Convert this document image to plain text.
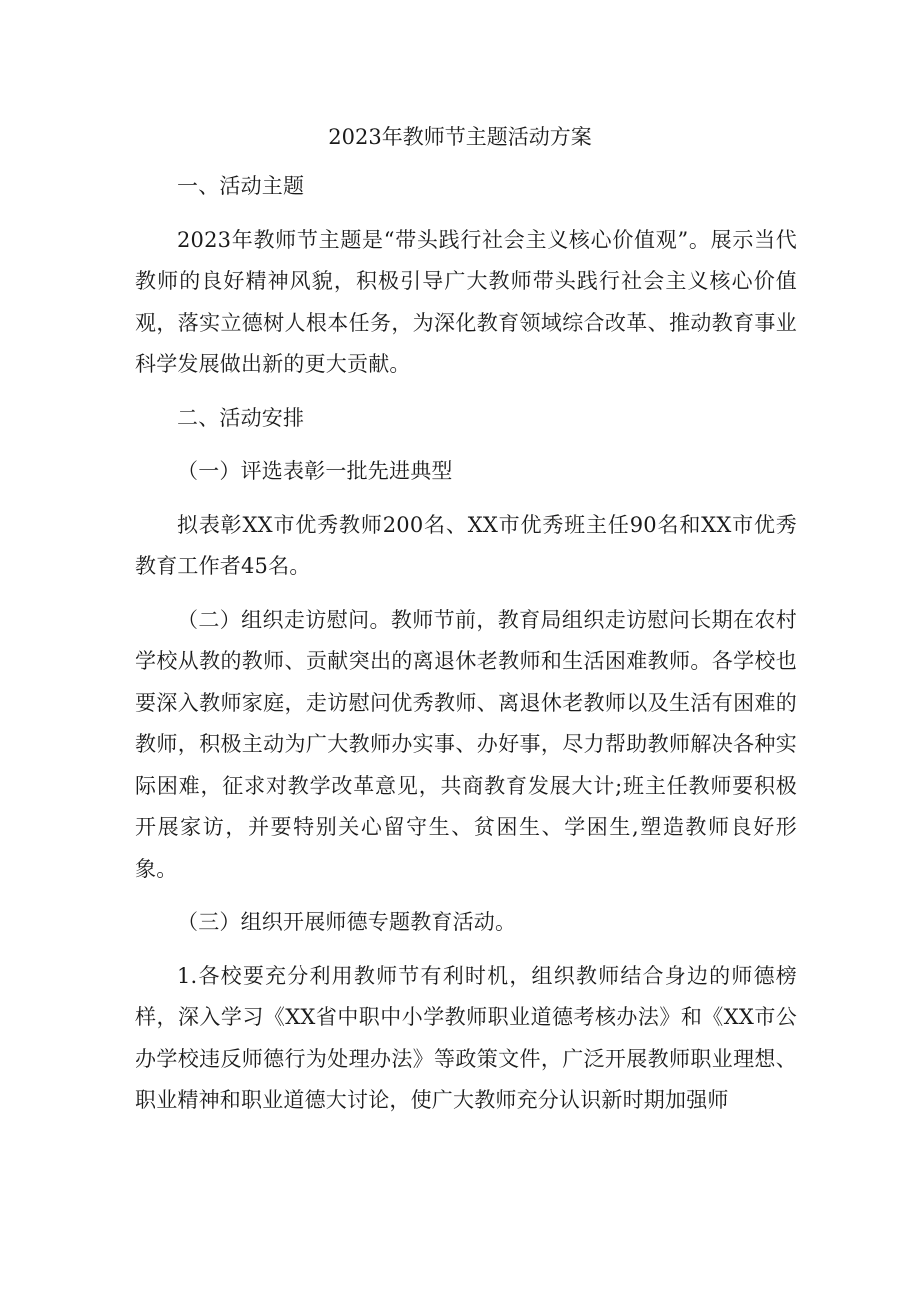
2023年教师节主题活动方案

一、活动主题

2023年教师节主题是“带头践行社会主义核心价值观”。展示当代教师的良好精神风貌，积极引导广大教师带头践行社会主义核心价值观，落实立德树人根本任务，为深化教育领域综合改革、推动教育事业科学发展做出新的更大贡献。

二、活动安排

（一）评选表彰一批先进典型

拟表彰XX市优秀教师200名、XX市优秀班主任90名和XX市优秀教育工作者45名。

（二）组织走访慰问。教师节前，教育局组织走访慰问长期在农村学校从教的教师、贡献突出的离退休老教师和生活困难教师。各学校也要深入教师家庭，走访慰问优秀教师、离退休老教师以及生活有困难的教师，积极主动为广大教师办实事、办好事，尽力帮助教师解决各种实际困难，征求对教学改革意见，共商教育发展大计;班主任教师要积极开展家访，并要特别关心留守生、贫困生、学困生,塑造教师良好形象。

（三）组织开展师德专题教育活动。

1.各校要充分利用教师节有利时机，组织教师结合身边的师德榜样，深入学习《XX省中职中小学教师职业道德考核办法》和《XX市公办学校违反师德行为处理办法》等政策文件，广泛开展教师职业理想、职业精神和职业道德大讨论，使广大教师充分认识新时期加强师
